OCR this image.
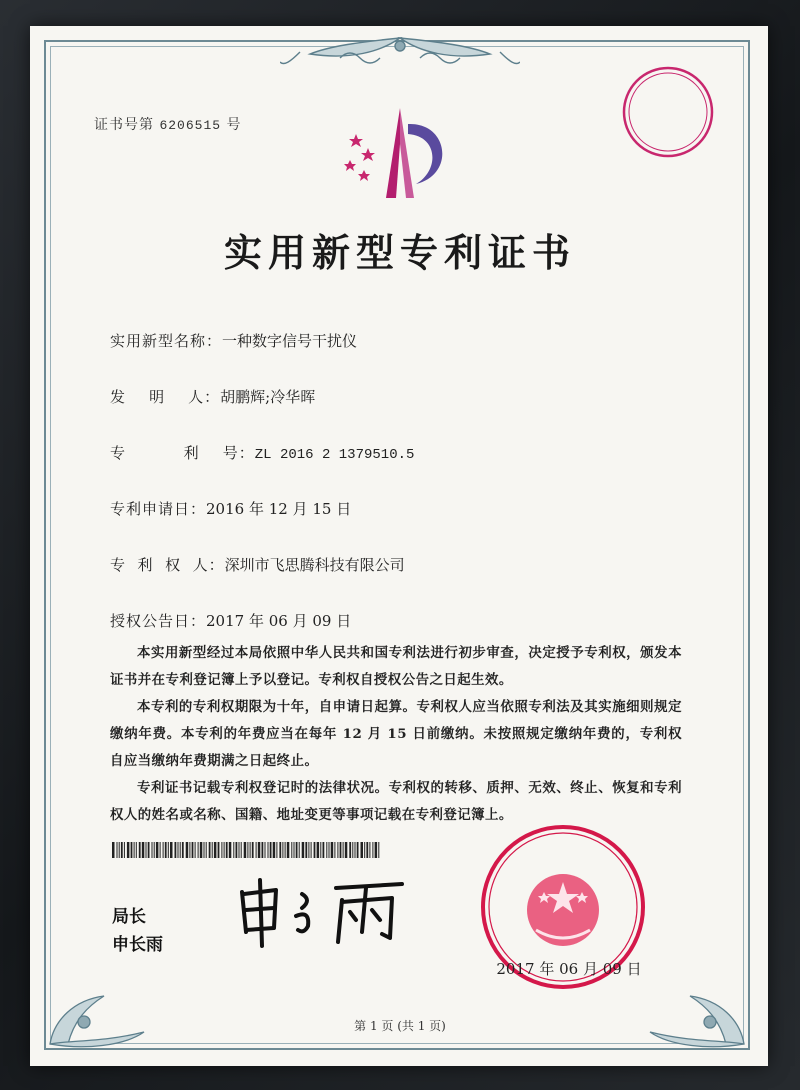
证书号第 6206515 号
实用新型专利证书
实用新型名称：一种数字信号干扰仪
发    明    人：胡鹏辉;冷华晖
专          利    号：ZL 2016 2 1379510.5
专利申请日：2016 年 12 月 15 日
专  利  权  人：深圳市飞思腾科技有限公司
授权公告日：2017 年 06 月 09 日

本实用新型经过本局依照中华人民共和国专利法进行初步审查，决定授予专利权，颁发本证书并在专利登记簿上予以登记。专利权自授权公告之日起生效。

本专利的专利权期限为十年，自申请日起算。专利权人应当依照专利法及其实施细则规定缴纳年费。本专利的年费应当在每年 12 月 15 日前缴纳。未按照规定缴纳年费的，专利权自应当缴纳年费期满之日起终止。

专利证书记载专利权登记时的法律状况。专利权的转移、质押、无效、终止、恢复和专利权人的姓名或名称、国籍、地址变更等事项记载在专利登记簿上。

局长
申长雨
2017 年 06 月 09 日
第 1 页 (共 1 页)
